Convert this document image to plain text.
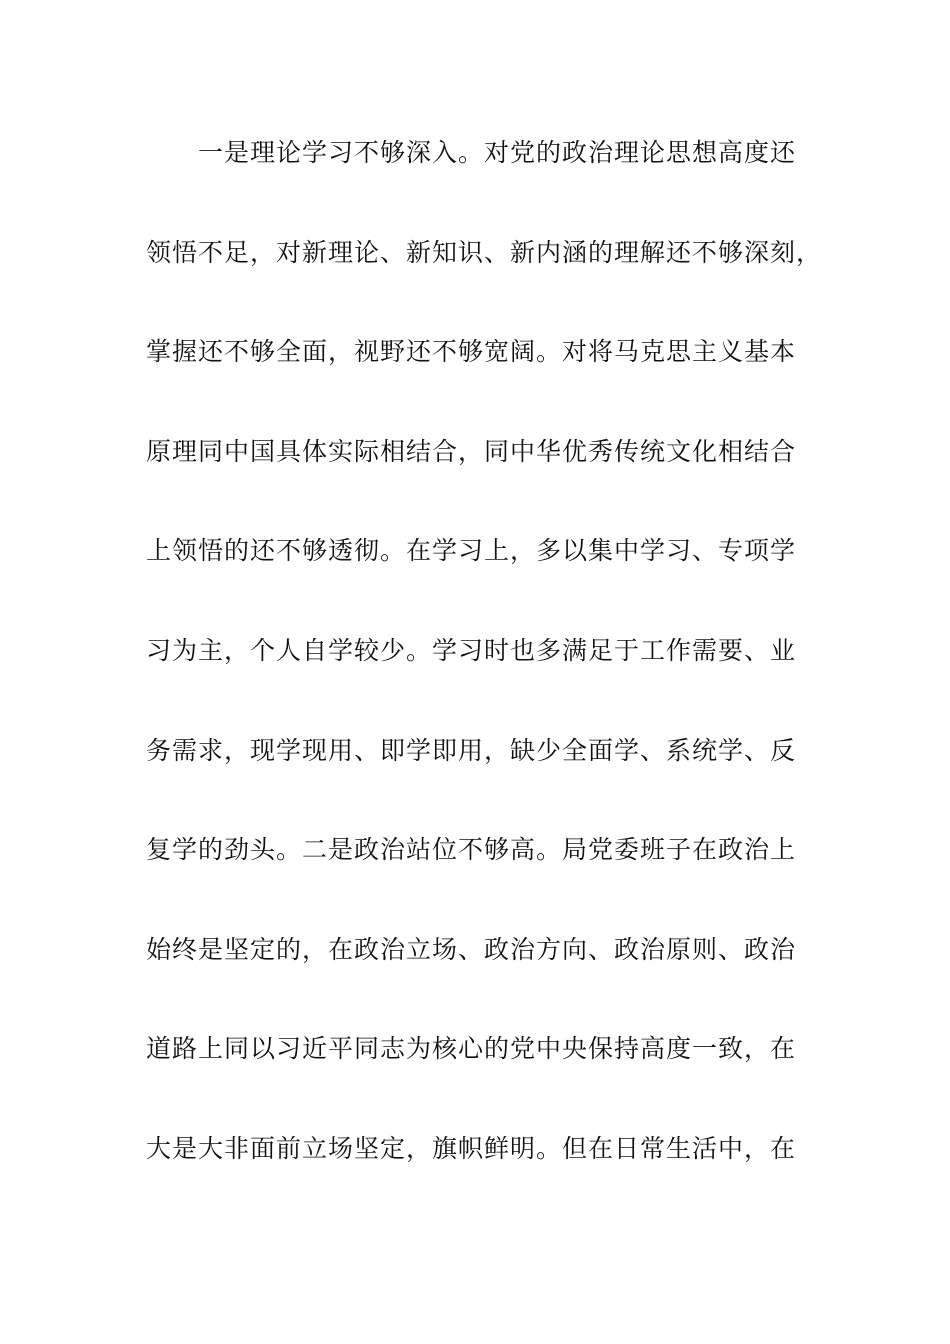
一是理论学习不够深入。对党的政治理论思想高度还
领悟不足，对新理论、新知识、新内涵的理解还不够深刻，
掌握还不够全面，视野还不够宽阔。对将马克思主义基本
原理同中国具体实际相结合，同中华优秀传统文化相结合
上领悟的还不够透彻。在学习上，多以集中学习、专项学
习为主，个人自学较少。学习时也多满足于工作需要、业
务需求，现学现用、即学即用，缺少全面学、系统学、反
复学的劲头。二是政治站位不够高。局党委班子在政治上
始终是坚定的，在政治立场、政治方向、政治原则、政治
道路上同以习近平同志为核心的党中央保持高度一致，在
大是大非面前立场坚定，旗帜鲜明。但在日常生活中，在
